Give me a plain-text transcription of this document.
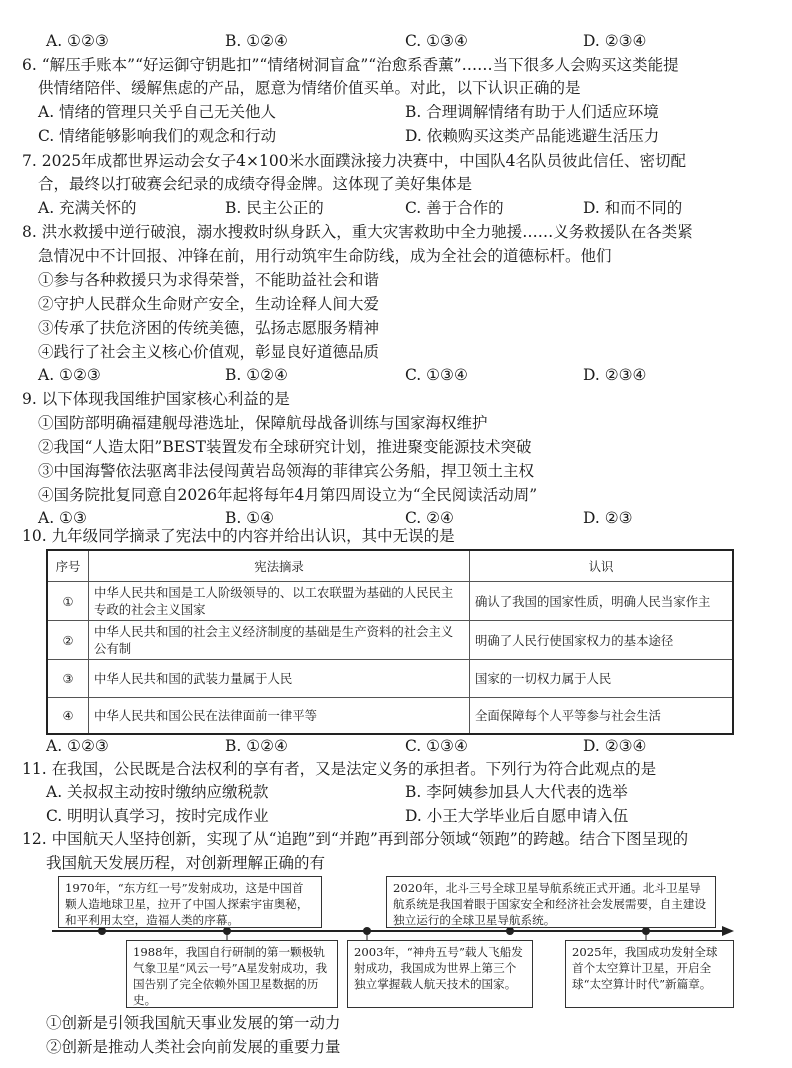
A. ①②③	B. ①②④	C. ①③④	D. ②③④
6. “解压手账本”“好运御守钥匙扣”“情绪树洞盲盒”“治愈系香薰”……当下很多人会购买这类能提
供情绪陪伴、缓解焦虑的产品，愿意为情绪价值买单。对此，以下认识正确的是
A. 情绪的管理只关乎自己无关他人	B. 合理调解情绪有助于人们适应环境
C. 情绪能够影响我们的观念和行动	D. 依赖购买这类产品能逃避生活压力
7. 2025年成都世界运动会女子4×100米水面蹼泳接力决赛中，中国队4名队员彼此信任、密切配
合，最终以打破赛会纪录的成绩夺得金牌。这体现了美好集体是
A. 充满关怀的	B. 民主公正的	C. 善于合作的	D. 和而不同的
8. 洪水救援中逆行破浪，溺水搜救时纵身跃入，重大灾害救助中全力驰援……义务救援队在各类紧
急情况中不计回报、冲锋在前，用行动筑牢生命防线，成为全社会的道德标杆。他们
①参与各种救援只为求得荣誉，不能助益社会和谐
②守护人民群众生命财产安全，生动诠释人间大爱
③传承了扶危济困的传统美德，弘扬志愿服务精神
④践行了社会主义核心价值观，彰显良好道德品质
A. ①②③	B. ①②④	C. ①③④	D. ②③④
9. 以下体现我国维护国家核心利益的是
①国防部明确福建舰母港选址，保障航母战备训练与国家海权维护
②我国“人造太阳”BEST装置发布全球研究计划，推进聚变能源技术突破
③中国海警依法驱离非法侵闯黄岩岛领海的菲律宾公务船，捍卫领土主权
④国务院批复同意自2026年起将每年4月第四周设立为“全民阅读活动周”
A. ①③	B. ①④	C. ②④	D. ②③
10. 九年级同学摘录了宪法中的内容并给出认识，其中无误的是
序号	宪法摘录	认识
①	中华人民共和国是工人阶级领导的、以工农联盟为基础的人民民主专政的社会主义国家	确认了我国的国家性质，明确人民当家作主
②	中华人民共和国的社会主义经济制度的基础是生产资料的社会主义公有制	明确了人民行使国家权力的基本途径
③	中华人民共和国的武装力量属于人民	国家的一切权力属于人民
④	中华人民共和国公民在法律面前一律平等	全面保障每个人平等参与社会生活
A. ①②③	B. ①②④	C. ①③④	D. ②③④
11. 在我国，公民既是合法权利的享有者，又是法定义务的承担者。下列行为符合此观点的是
A. 关叔叔主动按时缴纳应缴税款	B. 李阿姨参加县人大代表的选举
C. 明明认真学习，按时完成作业	D. 小王大学毕业后自愿申请入伍
12. 中国航天人坚持创新，实现了从“追跑”到“并跑”再到部分领域“领跑”的跨越。结合下图呈现的
我国航天发展历程，对创新理解正确的有
1970年，“东方红一号”发射成功，这是中国首颗人造地球卫星，拉开了中国人探索宇宙奥秘，和平利用太空，造福人类的序幕。
2020年，北斗三号全球卫星导航系统正式开通。北斗卫星导航系统是我国着眼于国家安全和经济社会发展需要，自主建设独立运行的全球卫星导航系统。
1988年，我国自行研制的第一颗极轨气象卫星“风云一号”A星发射成功，我国告别了完全依赖外国卫星数据的历史。
2003年，“神舟五号”载人飞船发射成功，我国成为世界上第三个独立掌握载人航天技术的国家。
2025年，我国成功发射全球首个太空算计卫星，开启全球“太空算计时代”新篇章。
①创新是引领我国航天事业发展的第一动力
②创新是推动人类社会向前发展的重要力量
